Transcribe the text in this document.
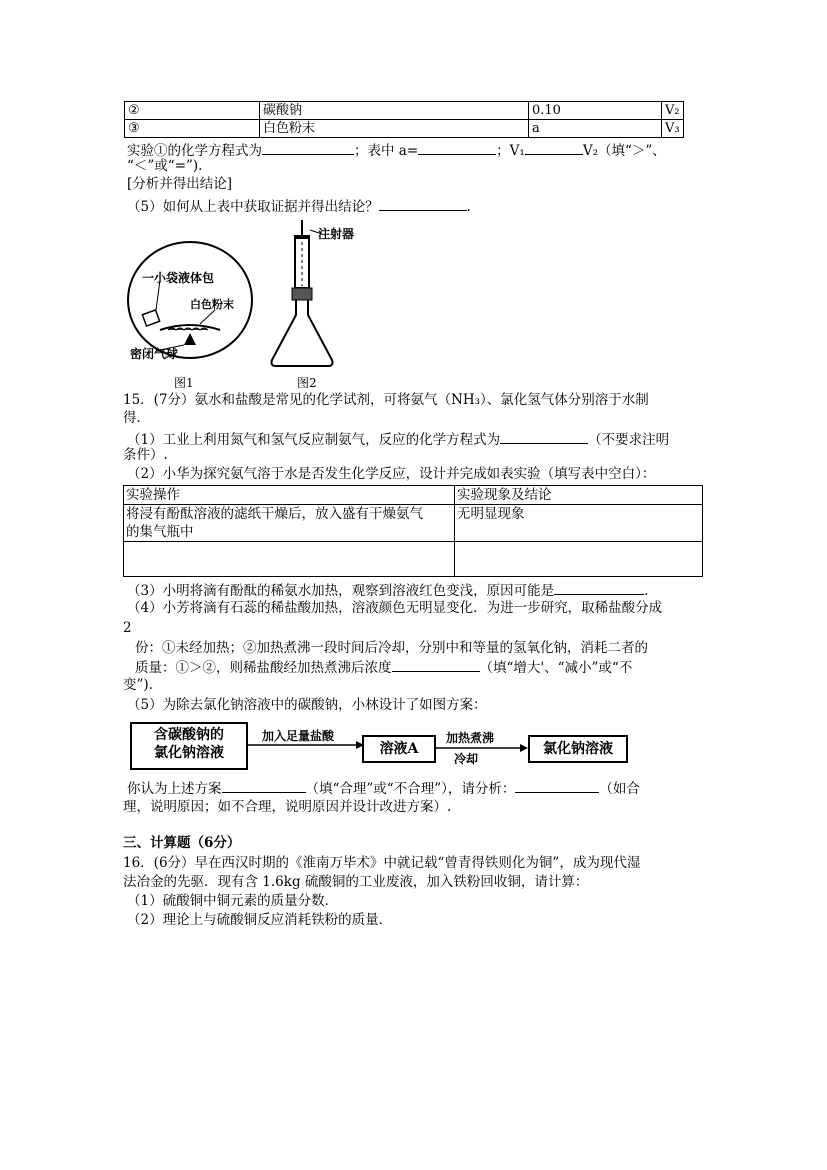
②	碳酸钠	0.10	V₂
③	白色粉末	a	V₃
实验①的化学方程式为	；表中 a=	；V₁	V₂（填“＞”、
“＜”或“=”).
[分析并得出结论]
（5）如何从上表中获取证据并得出结论？	.
一小袋液体包
白色粉末
密闭气球
注射器
图1	图2
15．(7分）氨水和盐酸是常见的化学试剂，可将氨气（NH₃）、氯化氢气体分别溶于水制
得．
（1）工业上利用氮气和氢气反应制氨气，反应的化学方程式为	（不要求注明
条件）.
（2）小华为探究氨气溶于水是否发生化学反应，设计并完成如表实验（填写表中空白）：
实验操作	实验现象及结论

将浸有酚酞溶液的滤纸干燥后，放入盛有干燥氨气
的集气瓶中	无明显现象

（3）小明将滴有酚酞的稀氨水加热，观察到溶液红色变浅，原因可能是	.
（4）小芳将滴有石蕊的稀盐酸加热，溶液颜色无明显变化．为进一步研究，取稀盐酸分成
2
份：①未经加热；②加热煮沸一段时间后冷却，分别中和等量的氢氧化钠，消耗二者的
质量：①＞②，则稀盐酸经加热煮沸后浓度	（填“增大'、“减小”或“不
变”).
（5）为除去氯化钠溶液中的碳酸钠，小林设计了如图方案：
含碳酸钠的
氯化钠溶液
加入足量盐酸
溶液A
加热煮沸
冷却
氯化钠溶液
你认为上述方案	（填“合理”或“不合理”），请分析：	（如合
理，说明原因；如不合理，说明原因并设计改进方案）.
三、计算题（6分）
16．(6分）早在西汉时期的《淮南万毕术》中就记载“曾青得铁则化为铜”，成为现代湿
法冶金的先驱．现有含 1.6kg 硫酸铜的工业废液，加入铁粉回收铜，请计算：
（1）硫酸铜中铜元素的质量分数．
（2）理论上与硫酸铜反应消耗铁粉的质量．
